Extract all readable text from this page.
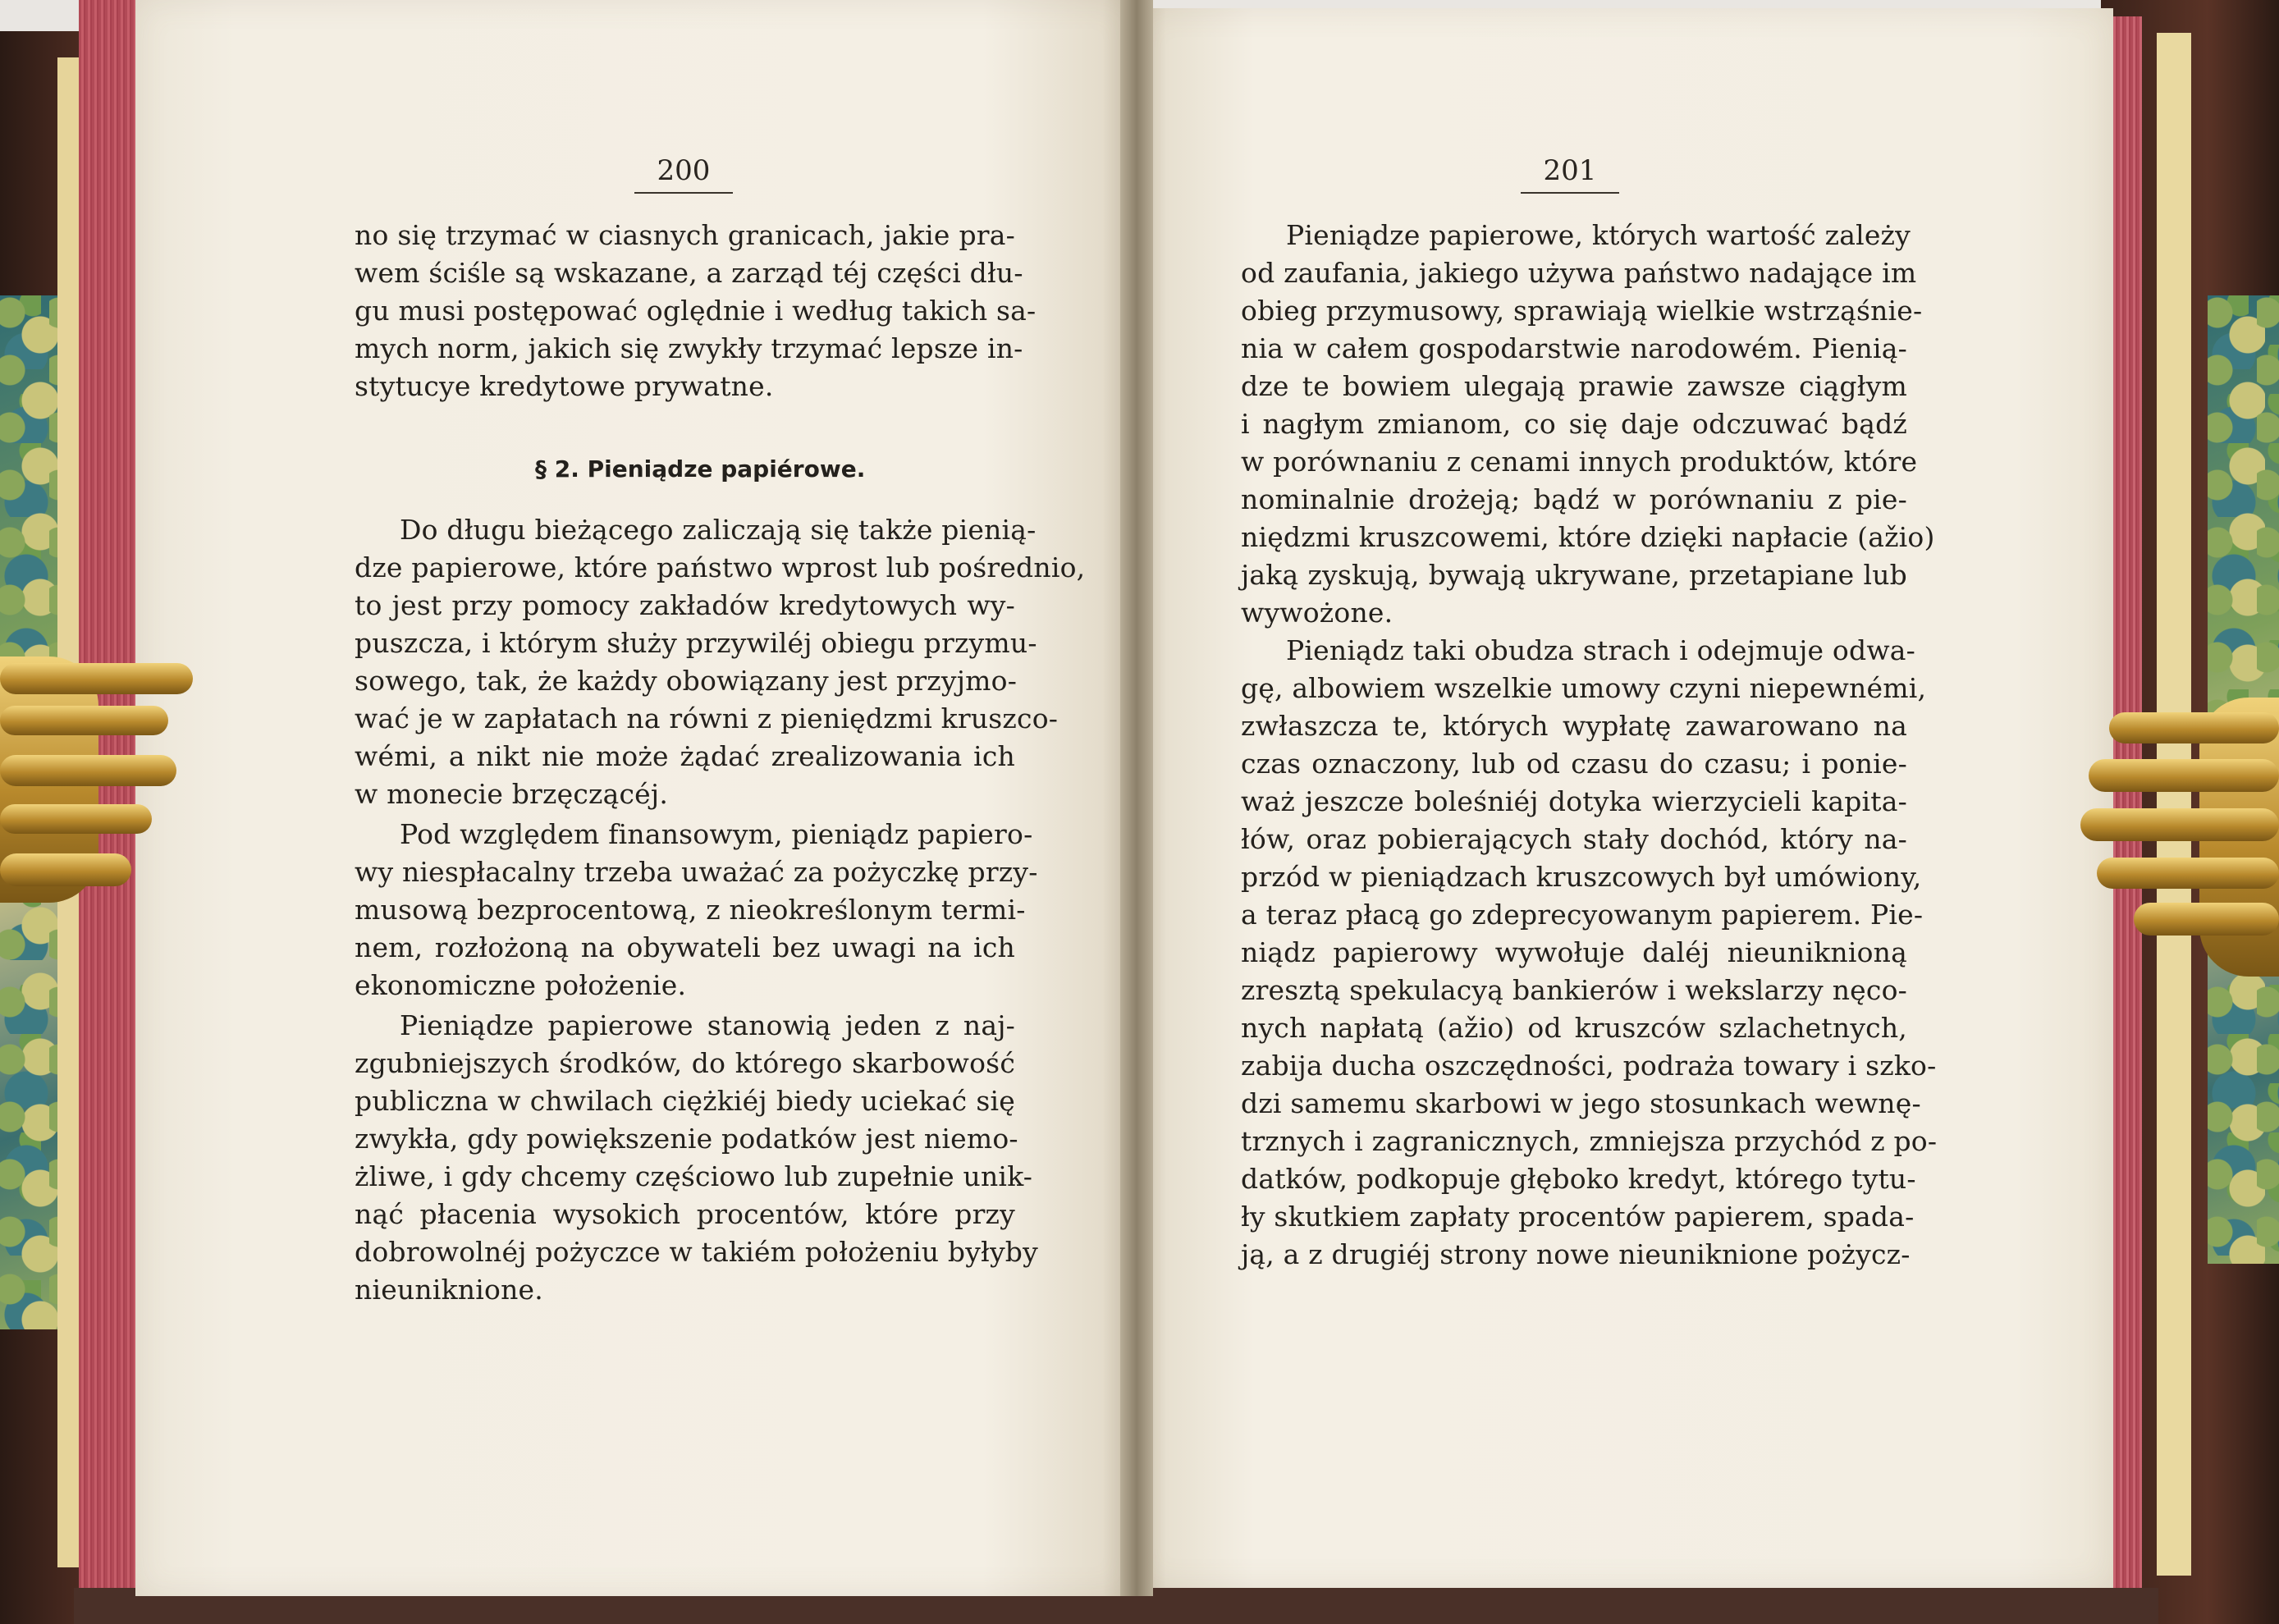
200
no się trzymać w ciasnych granicach, jakie pra-
wem ściśle są wskazane, a zarząd téj części dłu-
gu musi postępować oględnie i według takich sa-
mych norm, jakich się zwykły trzymać lepsze in-
stytucye kredytowe prywatne.
§ 2. Pieniądze papiérowe.
Do długu bieżącego zaliczają się także pienią-
dze papierowe, które państwo wprost lub pośrednio,
to jest przy pomocy zakładów kredytowych wy-
puszcza, i którym służy przywiléj obiegu przymu-
sowego, tak, że każdy obowiązany jest przyjmo-
wać je w zapłatach na równi z pieniędzmi kruszco-
wémi, a nikt nie może żądać zrealizowania ich
w monecie brzęczącéj.
Pod względem finansowym, pieniądz papiero-
wy niespłacalny trzeba uważać za pożyczkę przy-
musową bezprocentową, z nieokreślonym termi-
nem, rozłożoną na obywateli bez uwagi na ich
ekonomiczne położenie.
Pieniądze papierowe stanowią jeden z naj-
zgubniejszych środków, do którego skarbowość
publiczna w chwilach ciężkiéj biedy uciekać się
zwykła, gdy powiększenie podatków jest niemo-
żliwe, i gdy chcemy częściowo lub zupełnie unik-
nąć płacenia wysokich procentów, które przy
dobrowolnéj pożyczce w takiém położeniu byłyby
nieuniknione.
201
Pieniądze papierowe, których wartość zależy
od zaufania, jakiego używa państwo nadające im
obieg przymusowy, sprawiają wielkie wstrząśnie-
nia w całem gospodarstwie narodowém. Pienią-
dze te bowiem ulegają prawie zawsze ciągłym
i nagłym zmianom, co się daje odczuwać bądź
w porównaniu z cenami innych produktów, które
nominalnie drożeją; bądź w porównaniu z pie-
niędzmi kruszcowemi, które dzięki napłacie (ažio)
jaką zyskują, bywają ukrywane, przetapiane lub
wywożone.
Pieniądz taki obudza strach i odejmuje odwa-
gę, albowiem wszelkie umowy czyni niepewnémi,
zwłaszcza te, których wypłatę zawarowano na
czas oznaczony, lub od czasu do czasu; i ponie-
waż jeszcze boleśniéj dotyka wierzycieli kapita-
łów, oraz pobierających stały dochód, który na-
przód w pieniądzach kruszcowych był umówiony,
a teraz płacą go zdeprecyowanym papierem. Pie-
niądz papierowy wywołuje daléj nieuniknioną
zresztą spekulacyą bankierów i wekslarzy nęco-
nych napłatą (ažio) od kruszców szlachetnych,
zabija ducha oszczędności, podraża towary i szko-
dzi samemu skarbowi w jego stosunkach wewnę-
trznych i zagranicznych, zmniejsza przychód z po-
datków, podkopuje głęboko kredyt, którego tytu-
ły skutkiem zapłaty procentów papierem, spada-
ją, a z drugiéj strony nowe nieuniknione pożycz-
